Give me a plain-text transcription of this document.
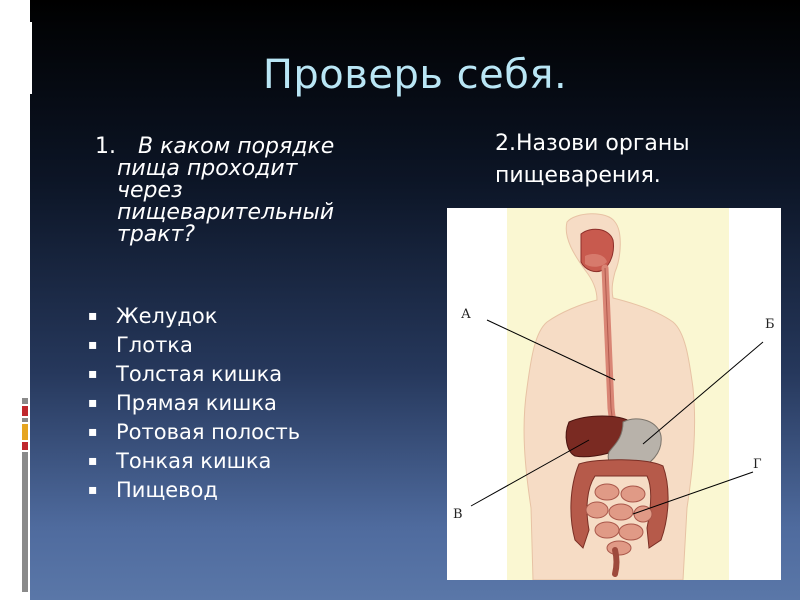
Проверь себя.
1. В каком порядке
пища проходит
через
пищеварительный
тракт?
▪ Желудок
▪ Глотка
▪ Толстая кишка
▪ Прямая кишка
▪ Ротовая полость
▪ Тонкая кишка
▪ Пищевод
2.Назови органы
пищеварения.
А
Б
В
Г
